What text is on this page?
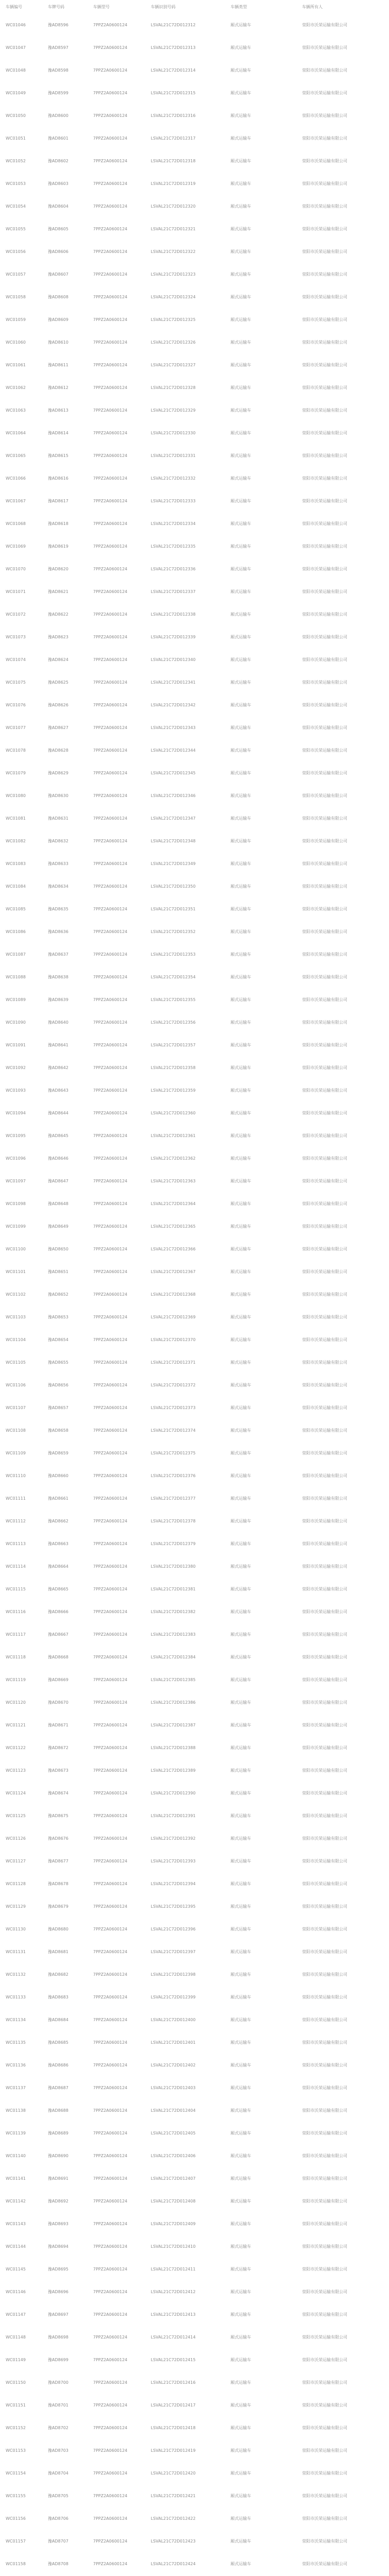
车辆编号	车牌号码	车辆型号	车辆识别号码	车辆类型	车辆所有人
WC01046	豫AD8596	7PPZ2A0600124	LSVAL21C72D012312	厢式运输车	荥阳市沃荣运输有限公司
WC01047	豫AD8597	7PPZ2A0600124	LSVAL21C72D012313	厢式运输车	荥阳市沃荣运输有限公司
WC01048	豫AD8598	7PPZ2A0600124	LSVAL21C72D012314	厢式运输车	荥阳市沃荣运输有限公司
WC01049	豫AD8599	7PPZ2A0600124	LSVAL21C72D012315	厢式运输车	荥阳市沃荣运输有限公司
WC01050	豫AD8600	7PPZ2A0600124	LSVAL21C72D012316	厢式运输车	荥阳市沃荣运输有限公司
WC01051	豫AD8601	7PPZ2A0600124	LSVAL21C72D012317	厢式运输车	荥阳市沃荣运输有限公司
WC01052	豫AD8602	7PPZ2A0600124	LSVAL21C72D012318	厢式运输车	荥阳市沃荣运输有限公司
WC01053	豫AD8603	7PPZ2A0600124	LSVAL21C72D012319	厢式运输车	荥阳市沃荣运输有限公司
WC01054	豫AD8604	7PPZ2A0600124	LSVAL21C72D012320	厢式运输车	荥阳市沃荣运输有限公司
WC01055	豫AD8605	7PPZ2A0600124	LSVAL21C72D012321	厢式运输车	荥阳市沃荣运输有限公司
WC01056	豫AD8606	7PPZ2A0600124	LSVAL21C72D012322	厢式运输车	荥阳市沃荣运输有限公司
WC01057	豫AD8607	7PPZ2A0600124	LSVAL21C72D012323	厢式运输车	荥阳市沃荣运输有限公司
WC01058	豫AD8608	7PPZ2A0600124	LSVAL21C72D012324	厢式运输车	荥阳市沃荣运输有限公司
WC01059	豫AD8609	7PPZ2A0600124	LSVAL21C72D012325	厢式运输车	荥阳市沃荣运输有限公司
WC01060	豫AD8610	7PPZ2A0600124	LSVAL21C72D012326	厢式运输车	荥阳市沃荣运输有限公司
WC01061	豫AD8611	7PPZ2A0600124	LSVAL21C72D012327	厢式运输车	荥阳市沃荣运输有限公司
WC01062	豫AD8612	7PPZ2A0600124	LSVAL21C72D012328	厢式运输车	荥阳市沃荣运输有限公司
WC01063	豫AD8613	7PPZ2A0600124	LSVAL21C72D012329	厢式运输车	荥阳市沃荣运输有限公司
WC01064	豫AD8614	7PPZ2A0600124	LSVAL21C72D012330	厢式运输车	荥阳市沃荣运输有限公司
WC01065	豫AD8615	7PPZ2A0600124	LSVAL21C72D012331	厢式运输车	荥阳市沃荣运输有限公司
WC01066	豫AD8616	7PPZ2A0600124	LSVAL21C72D012332	厢式运输车	荥阳市沃荣运输有限公司
WC01067	豫AD8617	7PPZ2A0600124	LSVAL21C72D012333	厢式运输车	荥阳市沃荣运输有限公司
WC01068	豫AD8618	7PPZ2A0600124	LSVAL21C72D012334	厢式运输车	荥阳市沃荣运输有限公司
WC01069	豫AD8619	7PPZ2A0600124	LSVAL21C72D012335	厢式运输车	荥阳市沃荣运输有限公司
WC01070	豫AD8620	7PPZ2A0600124	LSVAL21C72D012336	厢式运输车	荥阳市沃荣运输有限公司
WC01071	豫AD8621	7PPZ2A0600124	LSVAL21C72D012337	厢式运输车	荥阳市沃荣运输有限公司
WC01072	豫AD8622	7PPZ2A0600124	LSVAL21C72D012338	厢式运输车	荥阳市沃荣运输有限公司
WC01073	豫AD8623	7PPZ2A0600124	LSVAL21C72D012339	厢式运输车	荥阳市沃荣运输有限公司
WC01074	豫AD8624	7PPZ2A0600124	LSVAL21C72D012340	厢式运输车	荥阳市沃荣运输有限公司
WC01075	豫AD8625	7PPZ2A0600124	LSVAL21C72D012341	厢式运输车	荥阳市沃荣运输有限公司
WC01076	豫AD8626	7PPZ2A0600124	LSVAL21C72D012342	厢式运输车	荥阳市沃荣运输有限公司
WC01077	豫AD8627	7PPZ2A0600124	LSVAL21C72D012343	厢式运输车	荥阳市沃荣运输有限公司
WC01078	豫AD8628	7PPZ2A0600124	LSVAL21C72D012344	厢式运输车	荥阳市沃荣运输有限公司
WC01079	豫AD8629	7PPZ2A0600124	LSVAL21C72D012345	厢式运输车	荥阳市沃荣运输有限公司
WC01080	豫AD8630	7PPZ2A0600124	LSVAL21C72D012346	厢式运输车	荥阳市沃荣运输有限公司
WC01081	豫AD8631	7PPZ2A0600124	LSVAL21C72D012347	厢式运输车	荥阳市沃荣运输有限公司
WC01082	豫AD8632	7PPZ2A0600124	LSVAL21C72D012348	厢式运输车	荥阳市沃荣运输有限公司
WC01083	豫AD8633	7PPZ2A0600124	LSVAL21C72D012349	厢式运输车	荥阳市沃荣运输有限公司
WC01084	豫AD8634	7PPZ2A0600124	LSVAL21C72D012350	厢式运输车	荥阳市沃荣运输有限公司
WC01085	豫AD8635	7PPZ2A0600124	LSVAL21C72D012351	厢式运输车	荥阳市沃荣运输有限公司
WC01086	豫AD8636	7PPZ2A0600124	LSVAL21C72D012352	厢式运输车	荥阳市沃荣运输有限公司
WC01087	豫AD8637	7PPZ2A0600124	LSVAL21C72D012353	厢式运输车	荥阳市沃荣运输有限公司
WC01088	豫AD8638	7PPZ2A0600124	LSVAL21C72D012354	厢式运输车	荥阳市沃荣运输有限公司
WC01089	豫AD8639	7PPZ2A0600124	LSVAL21C72D012355	厢式运输车	荥阳市沃荣运输有限公司
WC01090	豫AD8640	7PPZ2A0600124	LSVAL21C72D012356	厢式运输车	荥阳市沃荣运输有限公司
WC01091	豫AD8641	7PPZ2A0600124	LSVAL21C72D012357	厢式运输车	荥阳市沃荣运输有限公司
WC01092	豫AD8642	7PPZ2A0600124	LSVAL21C72D012358	厢式运输车	荥阳市沃荣运输有限公司
WC01093	豫AD8643	7PPZ2A0600124	LSVAL21C72D012359	厢式运输车	荥阳市沃荣运输有限公司
WC01094	豫AD8644	7PPZ2A0600124	LSVAL21C72D012360	厢式运输车	荥阳市沃荣运输有限公司
WC01095	豫AD8645	7PPZ2A0600124	LSVAL21C72D012361	厢式运输车	荥阳市沃荣运输有限公司
WC01096	豫AD8646	7PPZ2A0600124	LSVAL21C72D012362	厢式运输车	荥阳市沃荣运输有限公司
WC01097	豫AD8647	7PPZ2A0600124	LSVAL21C72D012363	厢式运输车	荥阳市沃荣运输有限公司
WC01098	豫AD8648	7PPZ2A0600124	LSVAL21C72D012364	厢式运输车	荥阳市沃荣运输有限公司
WC01099	豫AD8649	7PPZ2A0600124	LSVAL21C72D012365	厢式运输车	荥阳市沃荣运输有限公司
WC01100	豫AD8650	7PPZ2A0600124	LSVAL21C72D012366	厢式运输车	荥阳市沃荣运输有限公司
WC01101	豫AD8651	7PPZ2A0600124	LSVAL21C72D012367	厢式运输车	荥阳市沃荣运输有限公司
WC01102	豫AD8652	7PPZ2A0600124	LSVAL21C72D012368	厢式运输车	荥阳市沃荣运输有限公司
WC01103	豫AD8653	7PPZ2A0600124	LSVAL21C72D012369	厢式运输车	荥阳市沃荣运输有限公司
WC01104	豫AD8654	7PPZ2A0600124	LSVAL21C72D012370	厢式运输车	荥阳市沃荣运输有限公司
WC01105	豫AD8655	7PPZ2A0600124	LSVAL21C72D012371	厢式运输车	荥阳市沃荣运输有限公司
WC01106	豫AD8656	7PPZ2A0600124	LSVAL21C72D012372	厢式运输车	荥阳市沃荣运输有限公司
WC01107	豫AD8657	7PPZ2A0600124	LSVAL21C72D012373	厢式运输车	荥阳市沃荣运输有限公司
WC01108	豫AD8658	7PPZ2A0600124	LSVAL21C72D012374	厢式运输车	荥阳市沃荣运输有限公司
WC01109	豫AD8659	7PPZ2A0600124	LSVAL21C72D012375	厢式运输车	荥阳市沃荣运输有限公司
WC01110	豫AD8660	7PPZ2A0600124	LSVAL21C72D012376	厢式运输车	荥阳市沃荣运输有限公司
WC01111	豫AD8661	7PPZ2A0600124	LSVAL21C72D012377	厢式运输车	荥阳市沃荣运输有限公司
WC01112	豫AD8662	7PPZ2A0600124	LSVAL21C72D012378	厢式运输车	荥阳市沃荣运输有限公司
WC01113	豫AD8663	7PPZ2A0600124	LSVAL21C72D012379	厢式运输车	荥阳市沃荣运输有限公司
WC01114	豫AD8664	7PPZ2A0600124	LSVAL21C72D012380	厢式运输车	荥阳市沃荣运输有限公司
WC01115	豫AD8665	7PPZ2A0600124	LSVAL21C72D012381	厢式运输车	荥阳市沃荣运输有限公司
WC01116	豫AD8666	7PPZ2A0600124	LSVAL21C72D012382	厢式运输车	荥阳市沃荣运输有限公司
WC01117	豫AD8667	7PPZ2A0600124	LSVAL21C72D012383	厢式运输车	荥阳市沃荣运输有限公司
WC01118	豫AD8668	7PPZ2A0600124	LSVAL21C72D012384	厢式运输车	荥阳市沃荣运输有限公司
WC01119	豫AD8669	7PPZ2A0600124	LSVAL21C72D012385	厢式运输车	荥阳市沃荣运输有限公司
WC01120	豫AD8670	7PPZ2A0600124	LSVAL21C72D012386	厢式运输车	荥阳市沃荣运输有限公司
WC01121	豫AD8671	7PPZ2A0600124	LSVAL21C72D012387	厢式运输车	荥阳市沃荣运输有限公司
WC01122	豫AD8672	7PPZ2A0600124	LSVAL21C72D012388	厢式运输车	荥阳市沃荣运输有限公司
WC01123	豫AD8673	7PPZ2A0600124	LSVAL21C72D012389	厢式运输车	荥阳市沃荣运输有限公司
WC01124	豫AD8674	7PPZ2A0600124	LSVAL21C72D012390	厢式运输车	荥阳市沃荣运输有限公司
WC01125	豫AD8675	7PPZ2A0600124	LSVAL21C72D012391	厢式运输车	荥阳市沃荣运输有限公司
WC01126	豫AD8676	7PPZ2A0600124	LSVAL21C72D012392	厢式运输车	荥阳市沃荣运输有限公司
WC01127	豫AD8677	7PPZ2A0600124	LSVAL21C72D012393	厢式运输车	荥阳市沃荣运输有限公司
WC01128	豫AD8678	7PPZ2A0600124	LSVAL21C72D012394	厢式运输车	荥阳市沃荣运输有限公司
WC01129	豫AD8679	7PPZ2A0600124	LSVAL21C72D012395	厢式运输车	荥阳市沃荣运输有限公司
WC01130	豫AD8680	7PPZ2A0600124	LSVAL21C72D012396	厢式运输车	荥阳市沃荣运输有限公司
WC01131	豫AD8681	7PPZ2A0600124	LSVAL21C72D012397	厢式运输车	荥阳市沃荣运输有限公司
WC01132	豫AD8682	7PPZ2A0600124	LSVAL21C72D012398	厢式运输车	荥阳市沃荣运输有限公司
WC01133	豫AD8683	7PPZ2A0600124	LSVAL21C72D012399	厢式运输车	荥阳市沃荣运输有限公司
WC01134	豫AD8684	7PPZ2A0600124	LSVAL21C72D012400	厢式运输车	荥阳市沃荣运输有限公司
WC01135	豫AD8685	7PPZ2A0600124	LSVAL21C72D012401	厢式运输车	荥阳市沃荣运输有限公司
WC01136	豫AD8686	7PPZ2A0600124	LSVAL21C72D012402	厢式运输车	荥阳市沃荣运输有限公司
WC01137	豫AD8687	7PPZ2A0600124	LSVAL21C72D012403	厢式运输车	荥阳市沃荣运输有限公司
WC01138	豫AD8688	7PPZ2A0600124	LSVAL21C72D012404	厢式运输车	荥阳市沃荣运输有限公司
WC01139	豫AD8689	7PPZ2A0600124	LSVAL21C72D012405	厢式运输车	荥阳市沃荣运输有限公司
WC01140	豫AD8690	7PPZ2A0600124	LSVAL21C72D012406	厢式运输车	荥阳市沃荣运输有限公司
WC01141	豫AD8691	7PPZ2A0600124	LSVAL21C72D012407	厢式运输车	荥阳市沃荣运输有限公司
WC01142	豫AD8692	7PPZ2A0600124	LSVAL21C72D012408	厢式运输车	荥阳市沃荣运输有限公司
WC01143	豫AD8693	7PPZ2A0600124	LSVAL21C72D012409	厢式运输车	荥阳市沃荣运输有限公司
WC01144	豫AD8694	7PPZ2A0600124	LSVAL21C72D012410	厢式运输车	荥阳市沃荣运输有限公司
WC01145	豫AD8695	7PPZ2A0600124	LSVAL21C72D012411	厢式运输车	荥阳市沃荣运输有限公司
WC01146	豫AD8696	7PPZ2A0600124	LSVAL21C72D012412	厢式运输车	荥阳市沃荣运输有限公司
WC01147	豫AD8697	7PPZ2A0600124	LSVAL21C72D012413	厢式运输车	荥阳市沃荣运输有限公司
WC01148	豫AD8698	7PPZ2A0600124	LSVAL21C72D012414	厢式运输车	荥阳市沃荣运输有限公司
WC01149	豫AD8699	7PPZ2A0600124	LSVAL21C72D012415	厢式运输车	荥阳市沃荣运输有限公司
WC01150	豫AD8700	7PPZ2A0600124	LSVAL21C72D012416	厢式运输车	荥阳市沃荣运输有限公司
WC01151	豫AD8701	7PPZ2A0600124	LSVAL21C72D012417	厢式运输车	荥阳市沃荣运输有限公司
WC01152	豫AD8702	7PPZ2A0600124	LSVAL21C72D012418	厢式运输车	荥阳市沃荣运输有限公司
WC01153	豫AD8703	7PPZ2A0600124	LSVAL21C72D012419	厢式运输车	荥阳市沃荣运输有限公司
WC01154	豫AD8704	7PPZ2A0600124	LSVAL21C72D012420	厢式运输车	荥阳市沃荣运输有限公司
WC01155	豫AD8705	7PPZ2A0600124	LSVAL21C72D012421	厢式运输车	荥阳市沃荣运输有限公司
WC01156	豫AD8706	7PPZ2A0600124	LSVAL21C72D012422	厢式运输车	荥阳市沃荣运输有限公司
WC01157	豫AD8707	7PPZ2A0600124	LSVAL21C72D012423	厢式运输车	荥阳市沃荣运输有限公司
WC01158	豫AD8708	7PPZ2A0600124	LSVAL21C72D012424	厢式运输车	荥阳市沃荣运输有限公司
